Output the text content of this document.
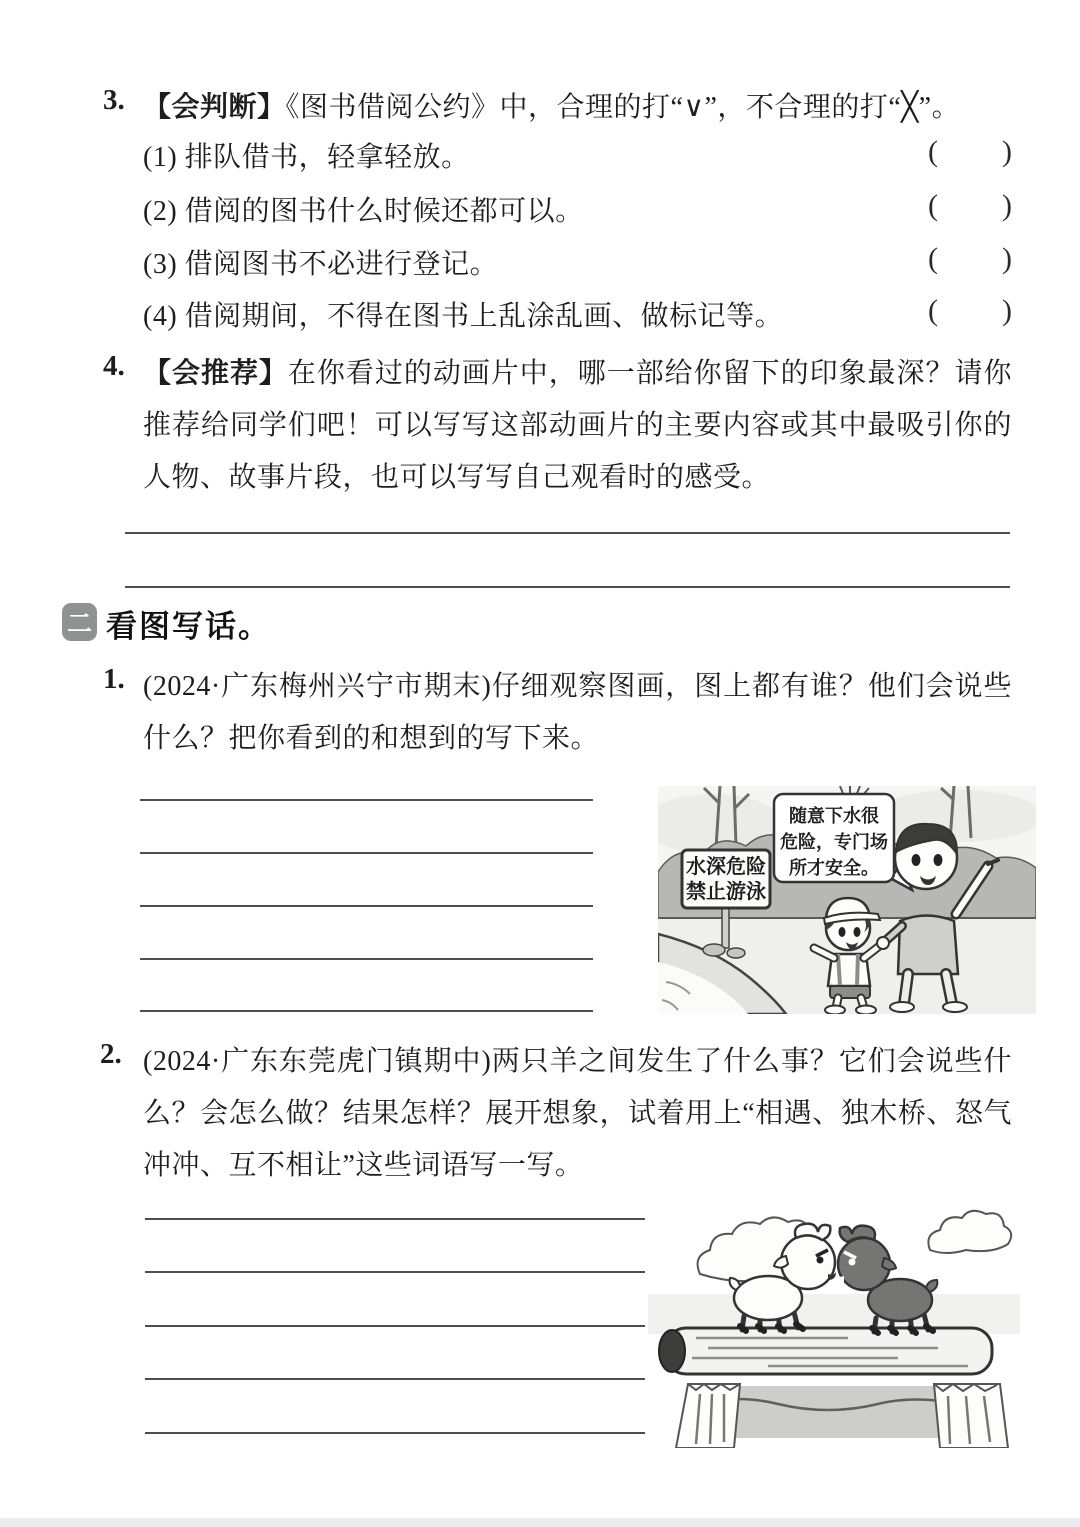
3. 【会判断】《图书借阅公约》中，合理的打“∨”，不合理的打“╳”。
(1) 排队借书，轻拿轻放。	( )
(2) 借阅的图书什么时候还都可以。	( )
(3) 借阅图书不必进行登记。	( )
(4) 借阅期间，不得在图书上乱涂乱画、做标记等。	( )
4. 【会推荐】在你看过的动画片中，哪一部给你留下的印象最深？请你推荐给同学们吧！可以写写这部动画片的主要内容或其中最吸引你的人物、故事片段，也可以写写自己观看时的感受。
二 看图写话。
1. (2024·广东梅州兴宁市期末)仔细观察图画，图上都有谁？他们会说些什么？把你看到的和想到的写下来。
水深危险
禁止游泳
随意下水很
危险，专门场
所才安全。
2. (2024·广东东莞虎门镇期中)两只羊之间发生了什么事？它们会说些什么？会怎么做？结果怎样？展开想象，试着用上“相遇、独木桥、怒气冲冲、互不相让”这些词语写一写。
